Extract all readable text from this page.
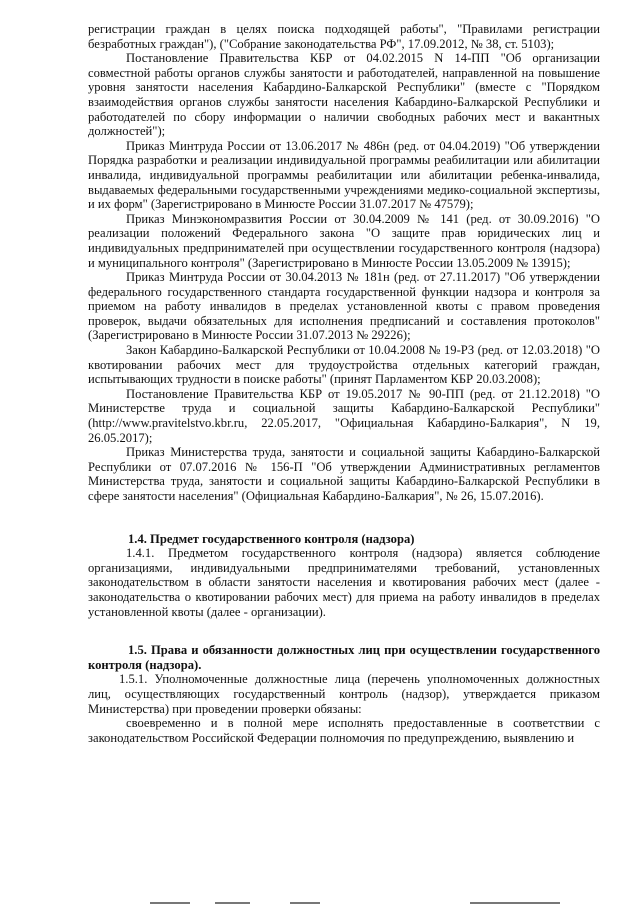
регистрации граждан в целях поиска подходящей работы", "Правилами регистрации безработных граждан"), ("Собрание законодательства РФ", 17.09.2012, № 38, ст. 5103);

Постановление Правительства КБР от 04.02.2015 N 14-ПП "Об организации совместной работы органов службы занятости и работодателей, направленной на повышение уровня занятости населения Кабардино-Балкарской Республики" (вместе с "Порядком взаимодействия органов службы занятости населения Кабардино-Балкарской Республики и работодателей по сбору информации о наличии свободных рабочих мест и вакантных должностей");

Приказ Минтруда России от 13.06.2017 № 486н (ред. от 04.04.2019) "Об утверждении Порядка разработки и реализации индивидуальной программы реабилитации или абилитации инвалида, индивидуальной программы реабилитации или абилитации ребенка-инвалида, выдаваемых федеральными государственными учреждениями медико-социальной экспертизы, и их форм" (Зарегистрировано в Минюсте России 31.07.2017 № 47579);

Приказ Минэкономразвития России от 30.04.2009 № 141 (ред. от 30.09.2016) "О реализации положений Федерального закона "О защите прав юридических лиц и индивидуальных предпринимателей при осуществлении государственного контроля (надзора) и муниципального контроля" (Зарегистрировано в Минюсте России 13.05.2009 № 13915);

Приказ Минтруда России от 30.04.2013 № 181н (ред. от 27.11.2017) "Об утверждении федерального государственного стандарта государственной функции надзора и контроля за приемом на работу инвалидов в пределах установленной квоты с правом проведения проверок, выдачи обязательных для исполнения предписаний и составления протоколов" (Зарегистрировано в Минюсте России 31.07.2013 № 29226);

Закон Кабардино-Балкарской Республики от 10.04.2008 № 19-РЗ (ред. от 12.03.2018) "О квотировании рабочих мест для трудоустройства отдельных категорий граждан, испытывающих трудности в поиске работы" (принят Парламентом КБР 20.03.2008);

Постановление Правительства КБР от 19.05.2017 № 90-ПП (ред. от 21.12.2018) "О Министерстве труда и социальной защиты Кабардино-Балкарской Республики" (http://www.pravitelstvo.kbr.ru, 22.05.2017, "Официальная Кабардино-Балкария", N 19, 26.05.2017);

Приказ Министерства труда, занятости и социальной защиты Кабардино-Балкарской Республики от 07.07.2016 № 156-П "Об утверждении Административных регламентов Министерства труда, занятости и социальной защиты Кабардино-Балкарской Республики в сфере занятости населения" (Официальная Кабардино-Балкария", № 26, 15.07.2016).

1.4. Предмет государственного контроля (надзора)

1.4.1. Предметом государственного контроля (надзора) является соблюдение организациями, индивидуальными предпринимателями требований, установленных законодательством в области занятости населения и квотирования рабочих мест (далее - законодательства о квотировании рабочих мест) для приема на работу инвалидов в пределах установленной квоты (далее - организации).

1.5. Права и обязанности должностных лиц при осуществлении государственного контроля (надзора).

1.5.1. Уполномоченные должностные лица (перечень уполномоченных должностных лиц, осуществляющих государственный контроль (надзор), утверждается приказом Министерства) при проведении проверки обязаны:

своевременно и в полной мере исполнять предоставленные в соответствии с законодательством Российской Федерации полномочия по предупреждению, выявлению и
